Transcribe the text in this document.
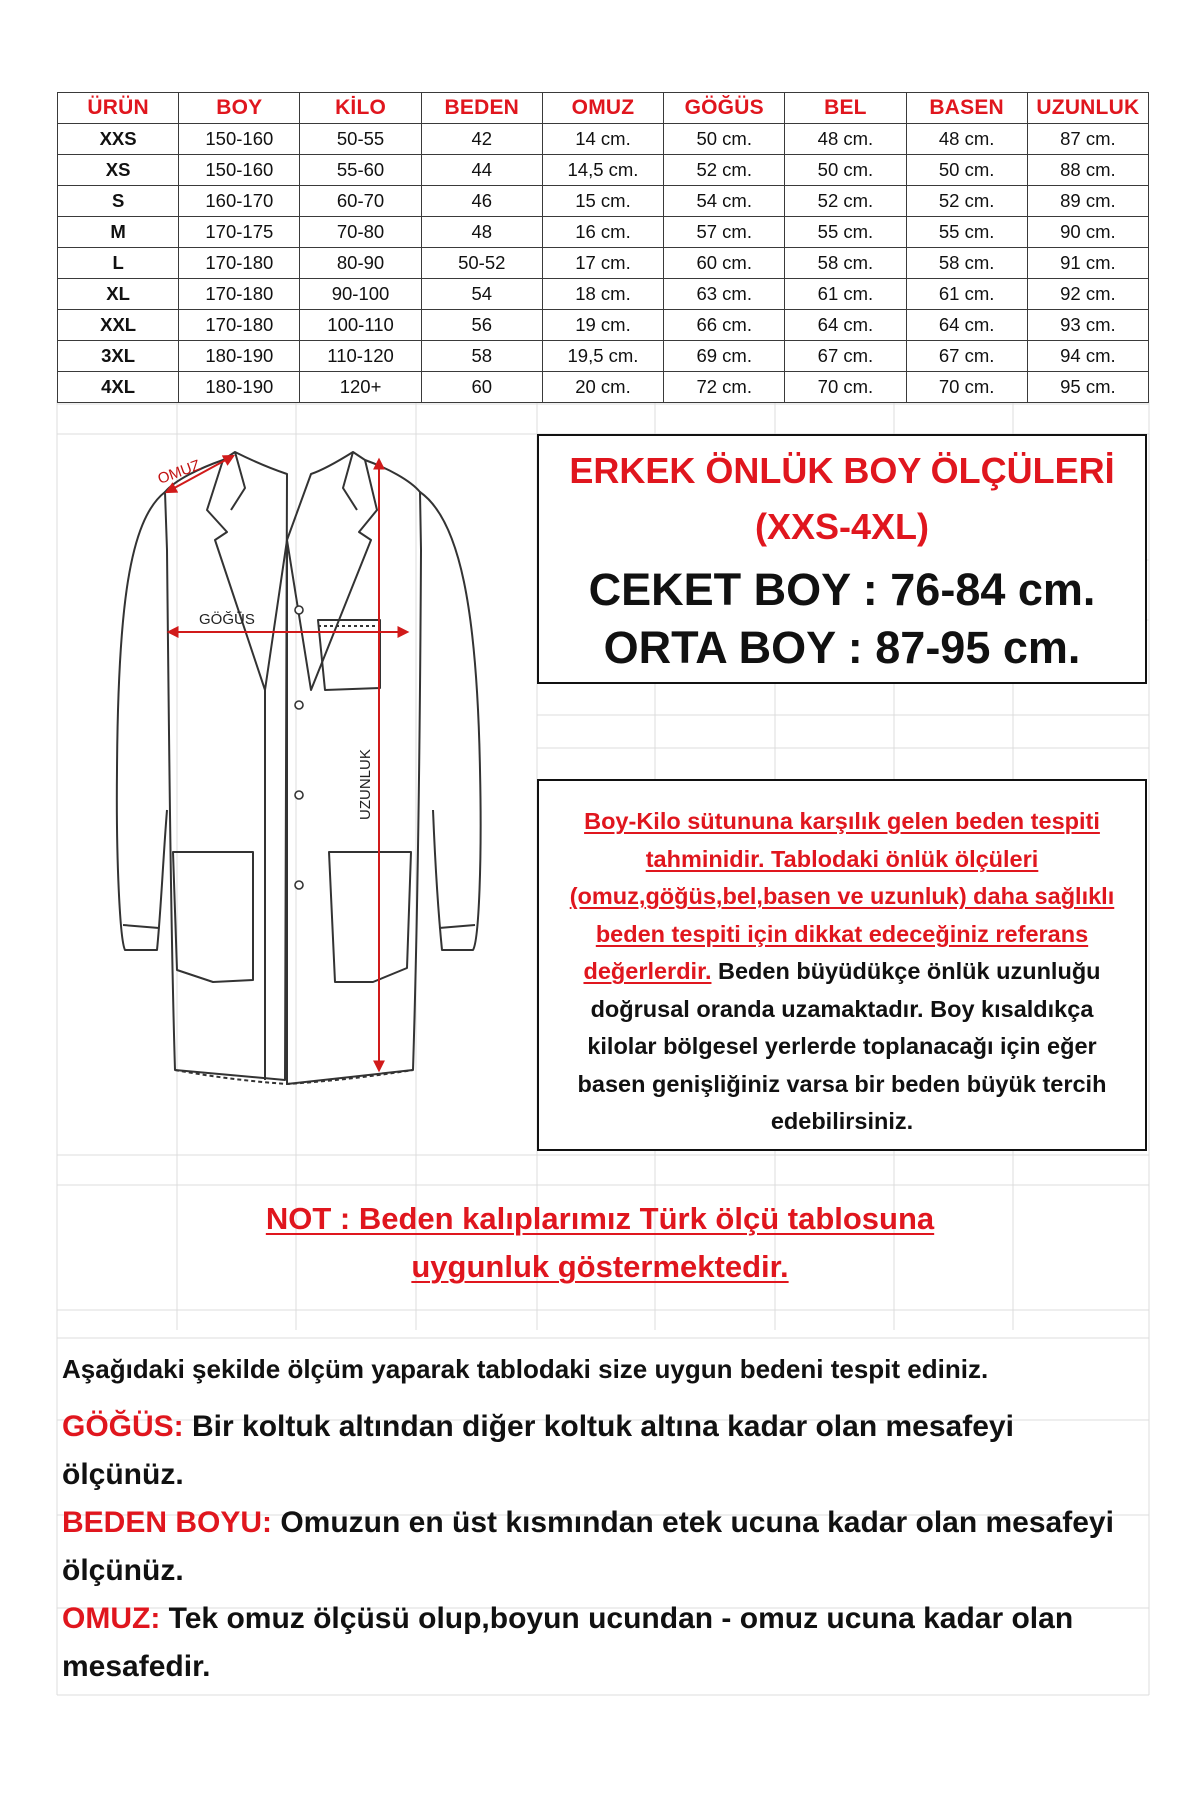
ÜRÜN	BOY	KİLO	BEDEN	OMUZ	GÖĞÜS	BEL	BASEN	UZUNLUK
XXS	150-160	50-55	42	14 cm.	50 cm.	48 cm.	48 cm.	87 cm.
XS	150-160	55-60	44	14,5 cm.	52 cm.	50 cm.	50 cm.	88 cm.
S	160-170	60-70	46	15 cm.	54 cm.	52 cm.	52 cm.	89 cm.
M	170-175	70-80	48	16 cm.	57 cm.	55 cm.	55 cm.	90 cm.
L	170-180	80-90	50-52	17 cm.	60 cm.	58 cm.	58 cm.	91 cm.
XL	170-180	90-100	54	18 cm.	63 cm.	61 cm.	61 cm.	92 cm.
XXL	170-180	100-110	56	19 cm.	66 cm.	64 cm.	64 cm.	93 cm.
3XL	180-190	110-120	58	19,5 cm.	69 cm.	67 cm.	67 cm.	94 cm.
4XL	180-190	120+	60	20 cm.	72 cm.	70 cm.	70 cm.	95 cm.
OMUZ
GÖĞÜS
UZUNLUK
ERKEK ÖNLÜK BOY ÖLÇÜLERİ
(XXS-4XL)
CEKET BOY : 76-84 cm.
ORTA BOY : 87-95 cm.
Boy-Kilo sütununa karşılık gelen beden tespiti tahminidir. Tablodaki önlük ölçüleri (omuz,göğüs,bel,basen ve uzunluk) daha sağlıklı beden tespiti için dikkat edeceğiniz referans değerlerdir. Beden büyüdükçe önlük uzunluğu doğrusal oranda uzamaktadır. Boy kısaldıkça kilolar bölgesel yerlerde toplanacağı için eğer basen genişliğiniz varsa bir beden büyük tercih edebilirsiniz.
NOT : Beden kalıplarımız Türk ölçü tablosuna
uygunluk göstermektedir.

Aşağıdaki şekilde ölçüm yaparak tablodaki size uygun bedeni tespit ediniz.

GÖĞÜS: Bir koltuk altından diğer koltuk altına kadar olan mesafeyi ölçünüz.

BEDEN BOYU: Omuzun en üst kısmından etek ucuna kadar olan mesafeyi ölçünüz.

OMUZ: Tek omuz ölçüsü olup,boyun ucundan - omuz ucuna kadar olan mesafedir.
